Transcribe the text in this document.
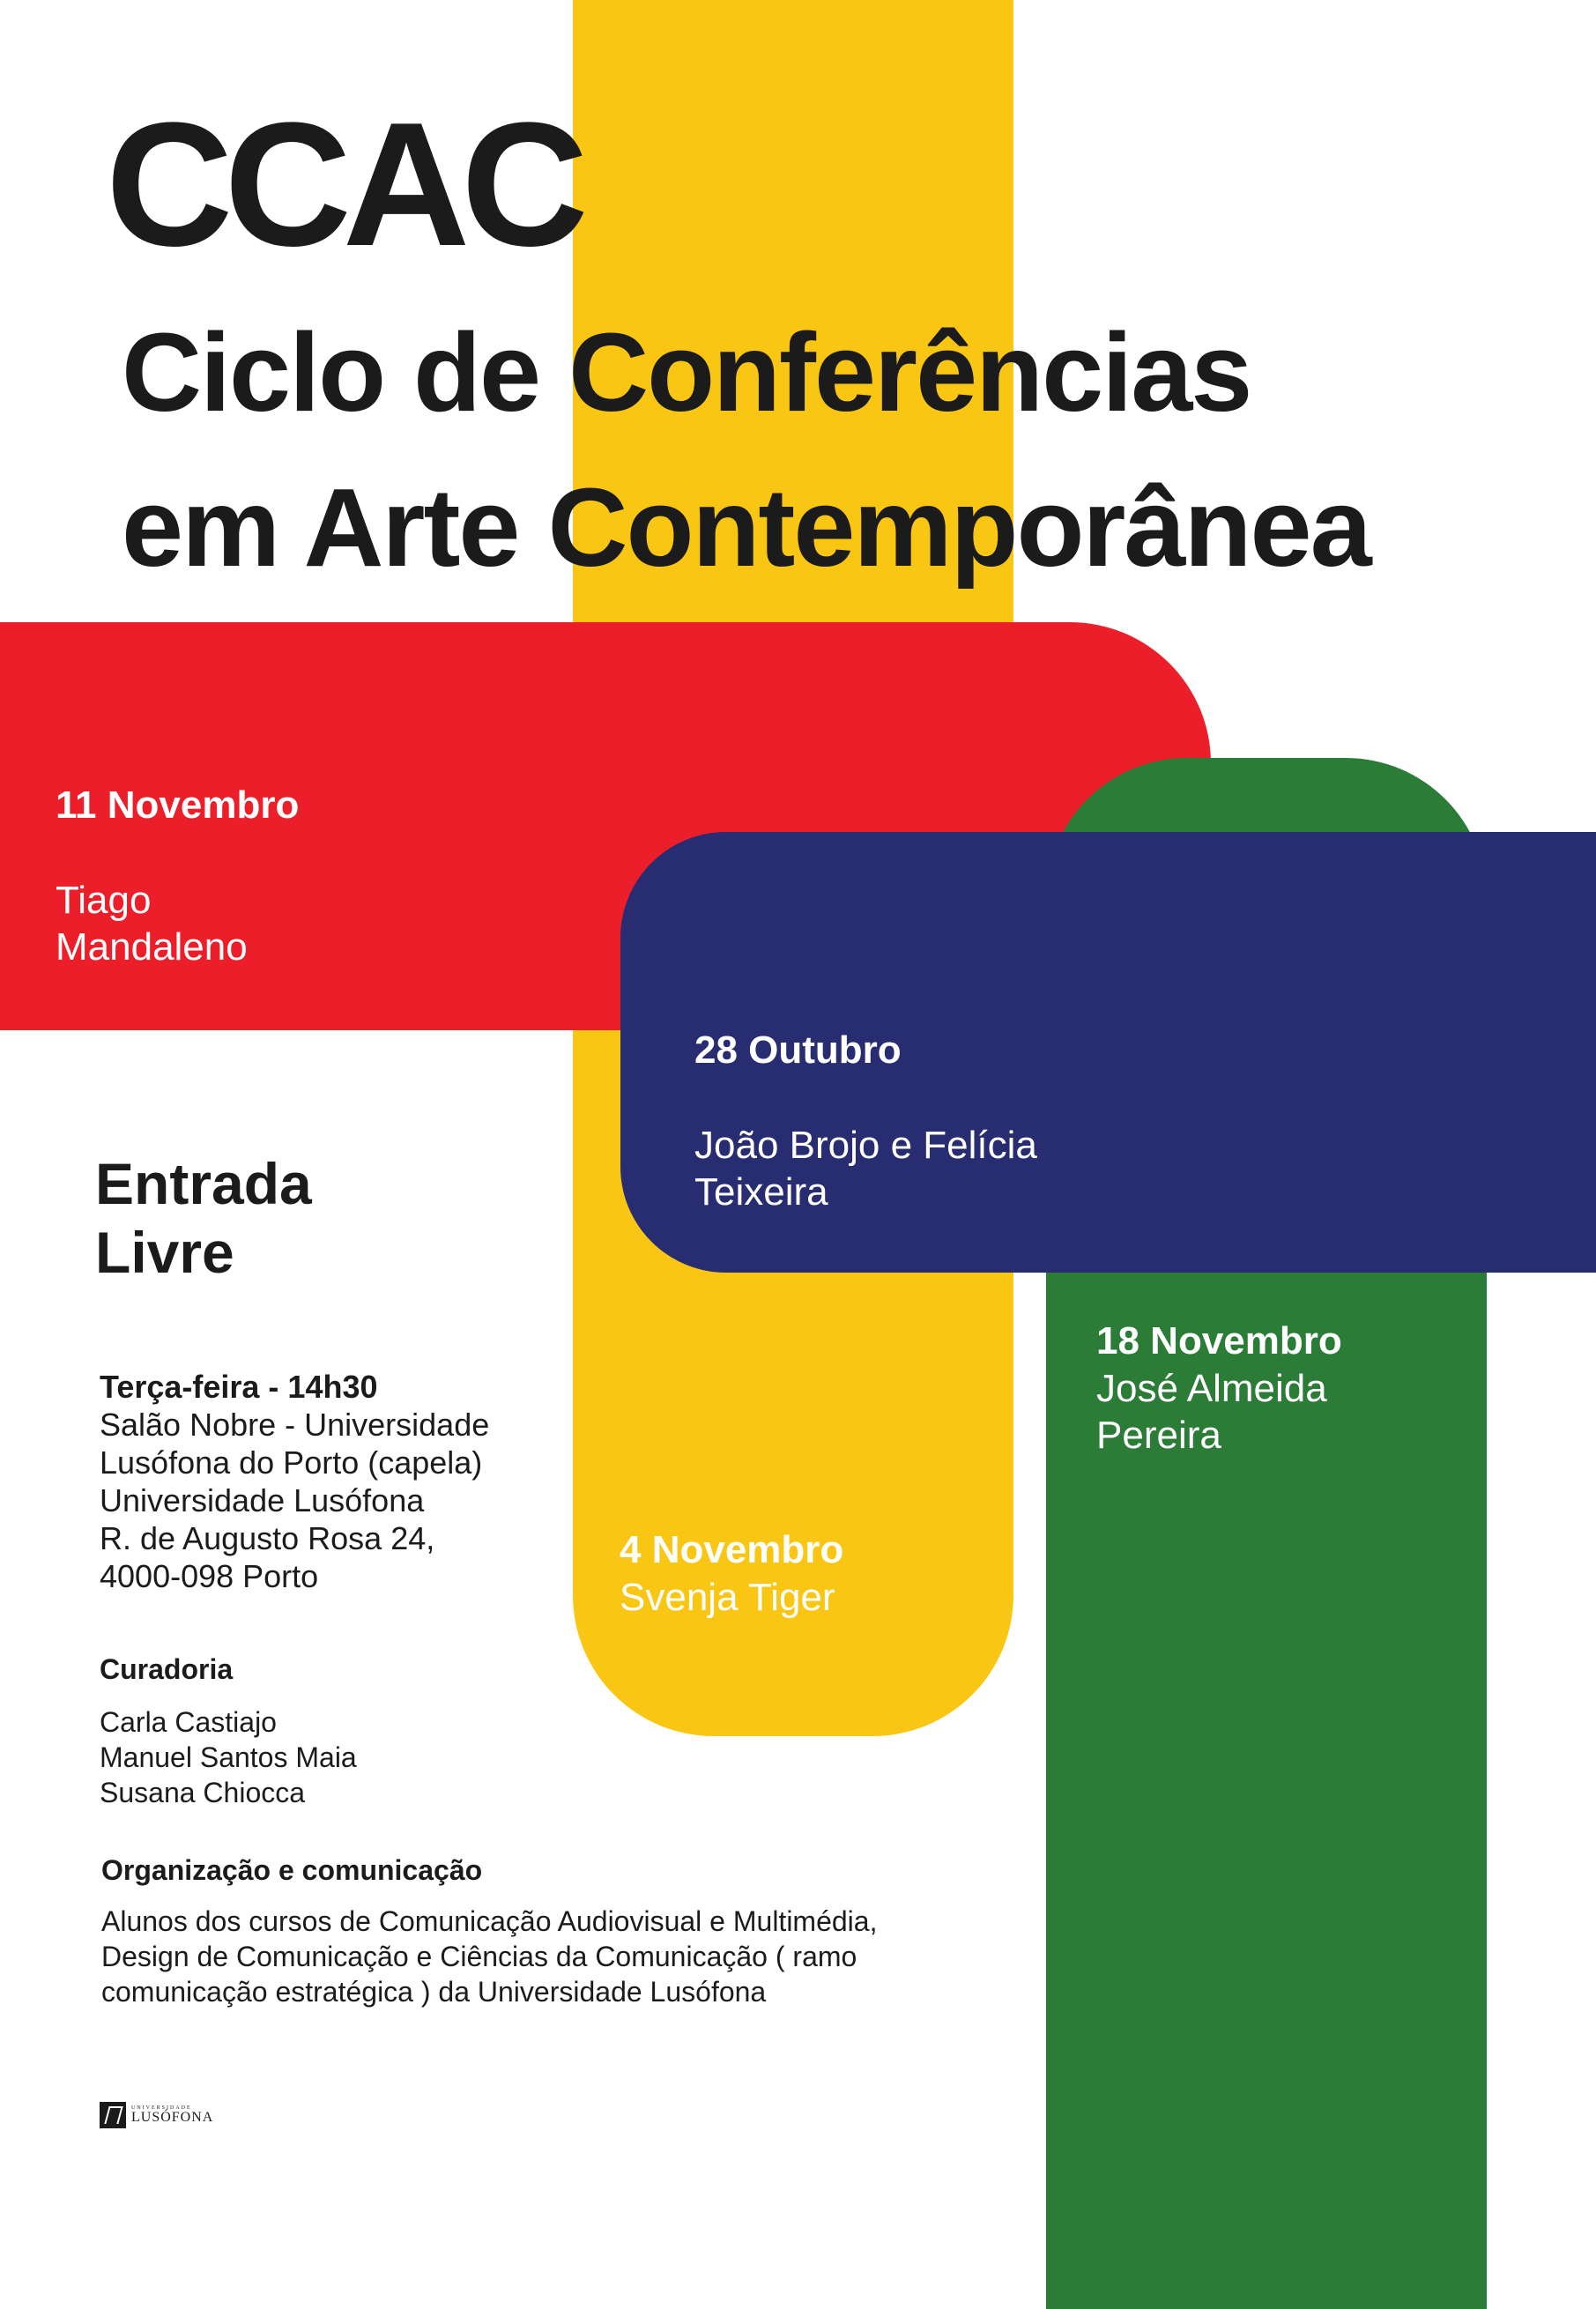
CCAC
Ciclo de Conferências
em Arte Contemporânea
11 Novembro
Tiago Mandaleno
28 Outubro
João Brojo e Felícia Teixeira
18 Novembro
José Almeida Pereira
4 Novembro
Svenja Tiger
Entrada Livre
Terça-feira - 14h30
Salão Nobre - Universidade
Lusófona do Porto (capela)
Universidade Lusófona
R. de Augusto Rosa 24,
4000-098 Porto
Curadoria
Carla Castiajo
Manuel Santos Maia
Susana Chiocca
Organização e comunicação
Alunos dos cursos de Comunicação Audiovisual e Multimédia,
Design de Comunicação e Ciências da Comunicação ( ramo
comunicação estratégica ) da Universidade Lusófona
UNIVERSIDADE
LUSÓFONA
